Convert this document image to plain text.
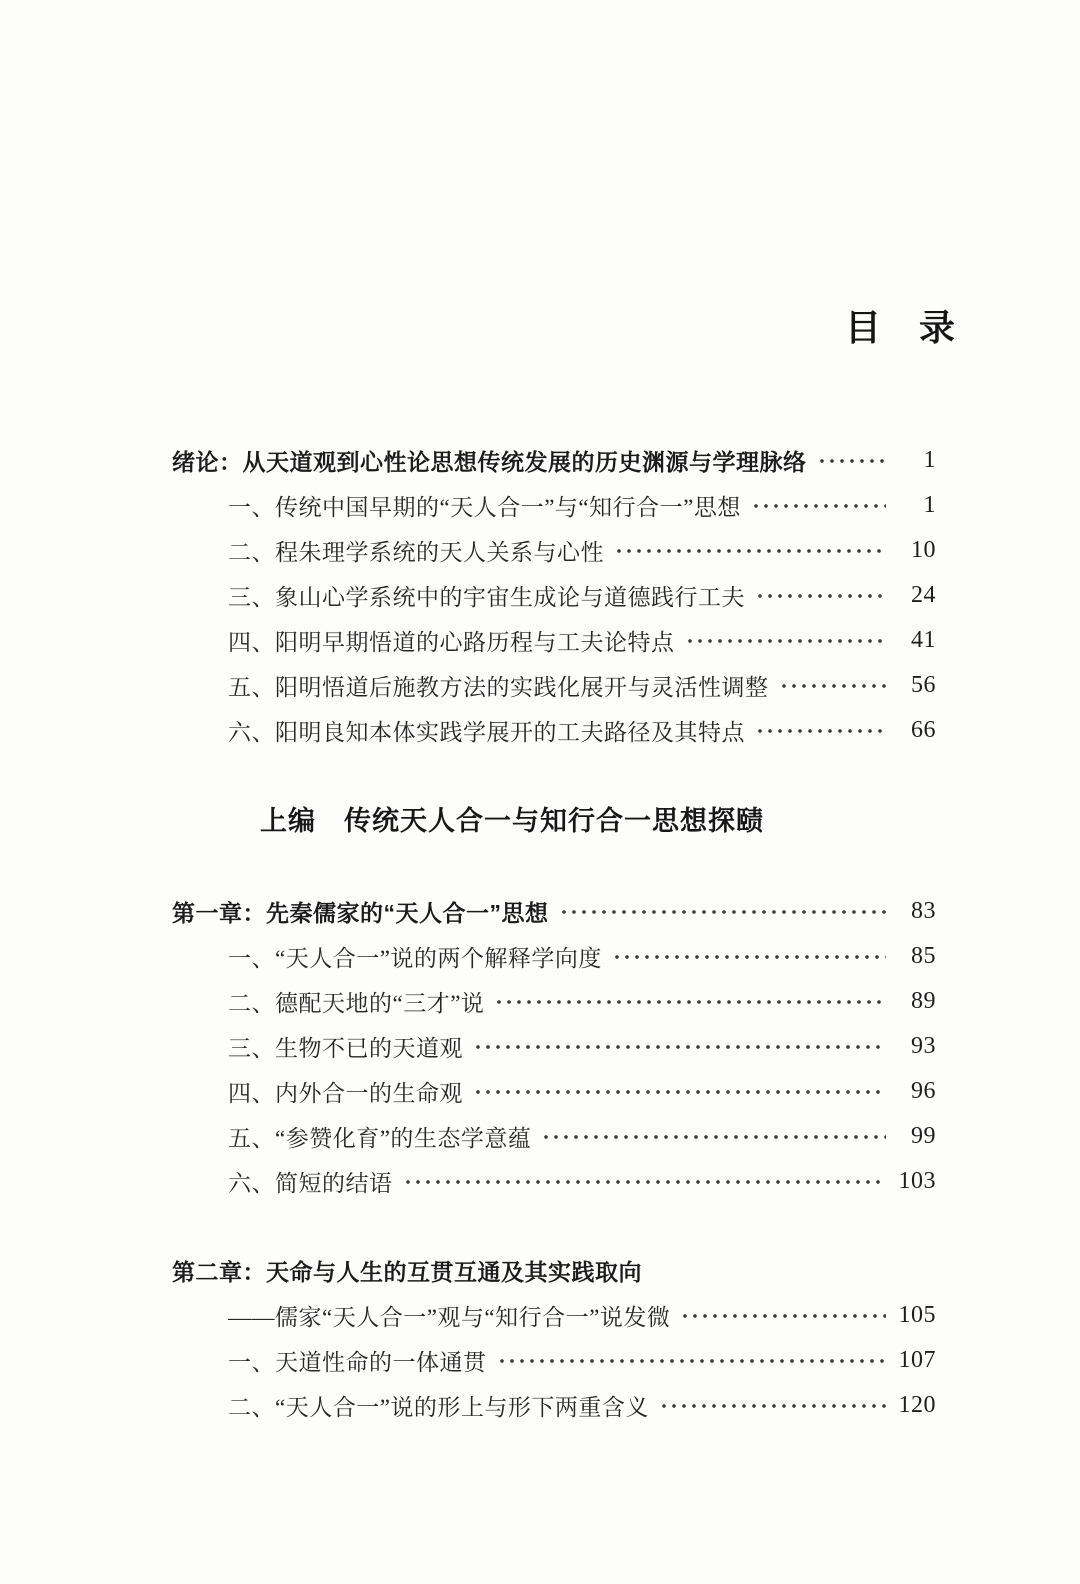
目　录
绪论：从天道观到心性论思想传统发展的历史渊源与学理脉络	1
一、传统中国早期的“天人合一”与“知行合一”思想	1
二、程朱理学系统的天人关系与心性	10
三、象山心学系统中的宇宙生成论与道德践行工夫	24
四、阳明早期悟道的心路历程与工夫论特点	41
五、阳明悟道后施教方法的实践化展开与灵活性调整	56
六、阳明良知本体实践学展开的工夫路径及其特点	66
上编　传统天人合一与知行合一思想探赜
第一章：先秦儒家的“天人合一”思想	83
一、“天人合一”说的两个解释学向度	85
二、德配天地的“三才”说	89
三、生物不已的天道观	93
四、内外合一的生命观	96
五、“参赞化育”的生态学意蕴	99
六、简短的结语	103
第二章：天命与人生的互贯互通及其实践取向
——儒家“天人合一”观与“知行合一”说发微	105
一、天道性命的一体通贯	107
二、“天人合一”说的形上与形下两重含义	120
